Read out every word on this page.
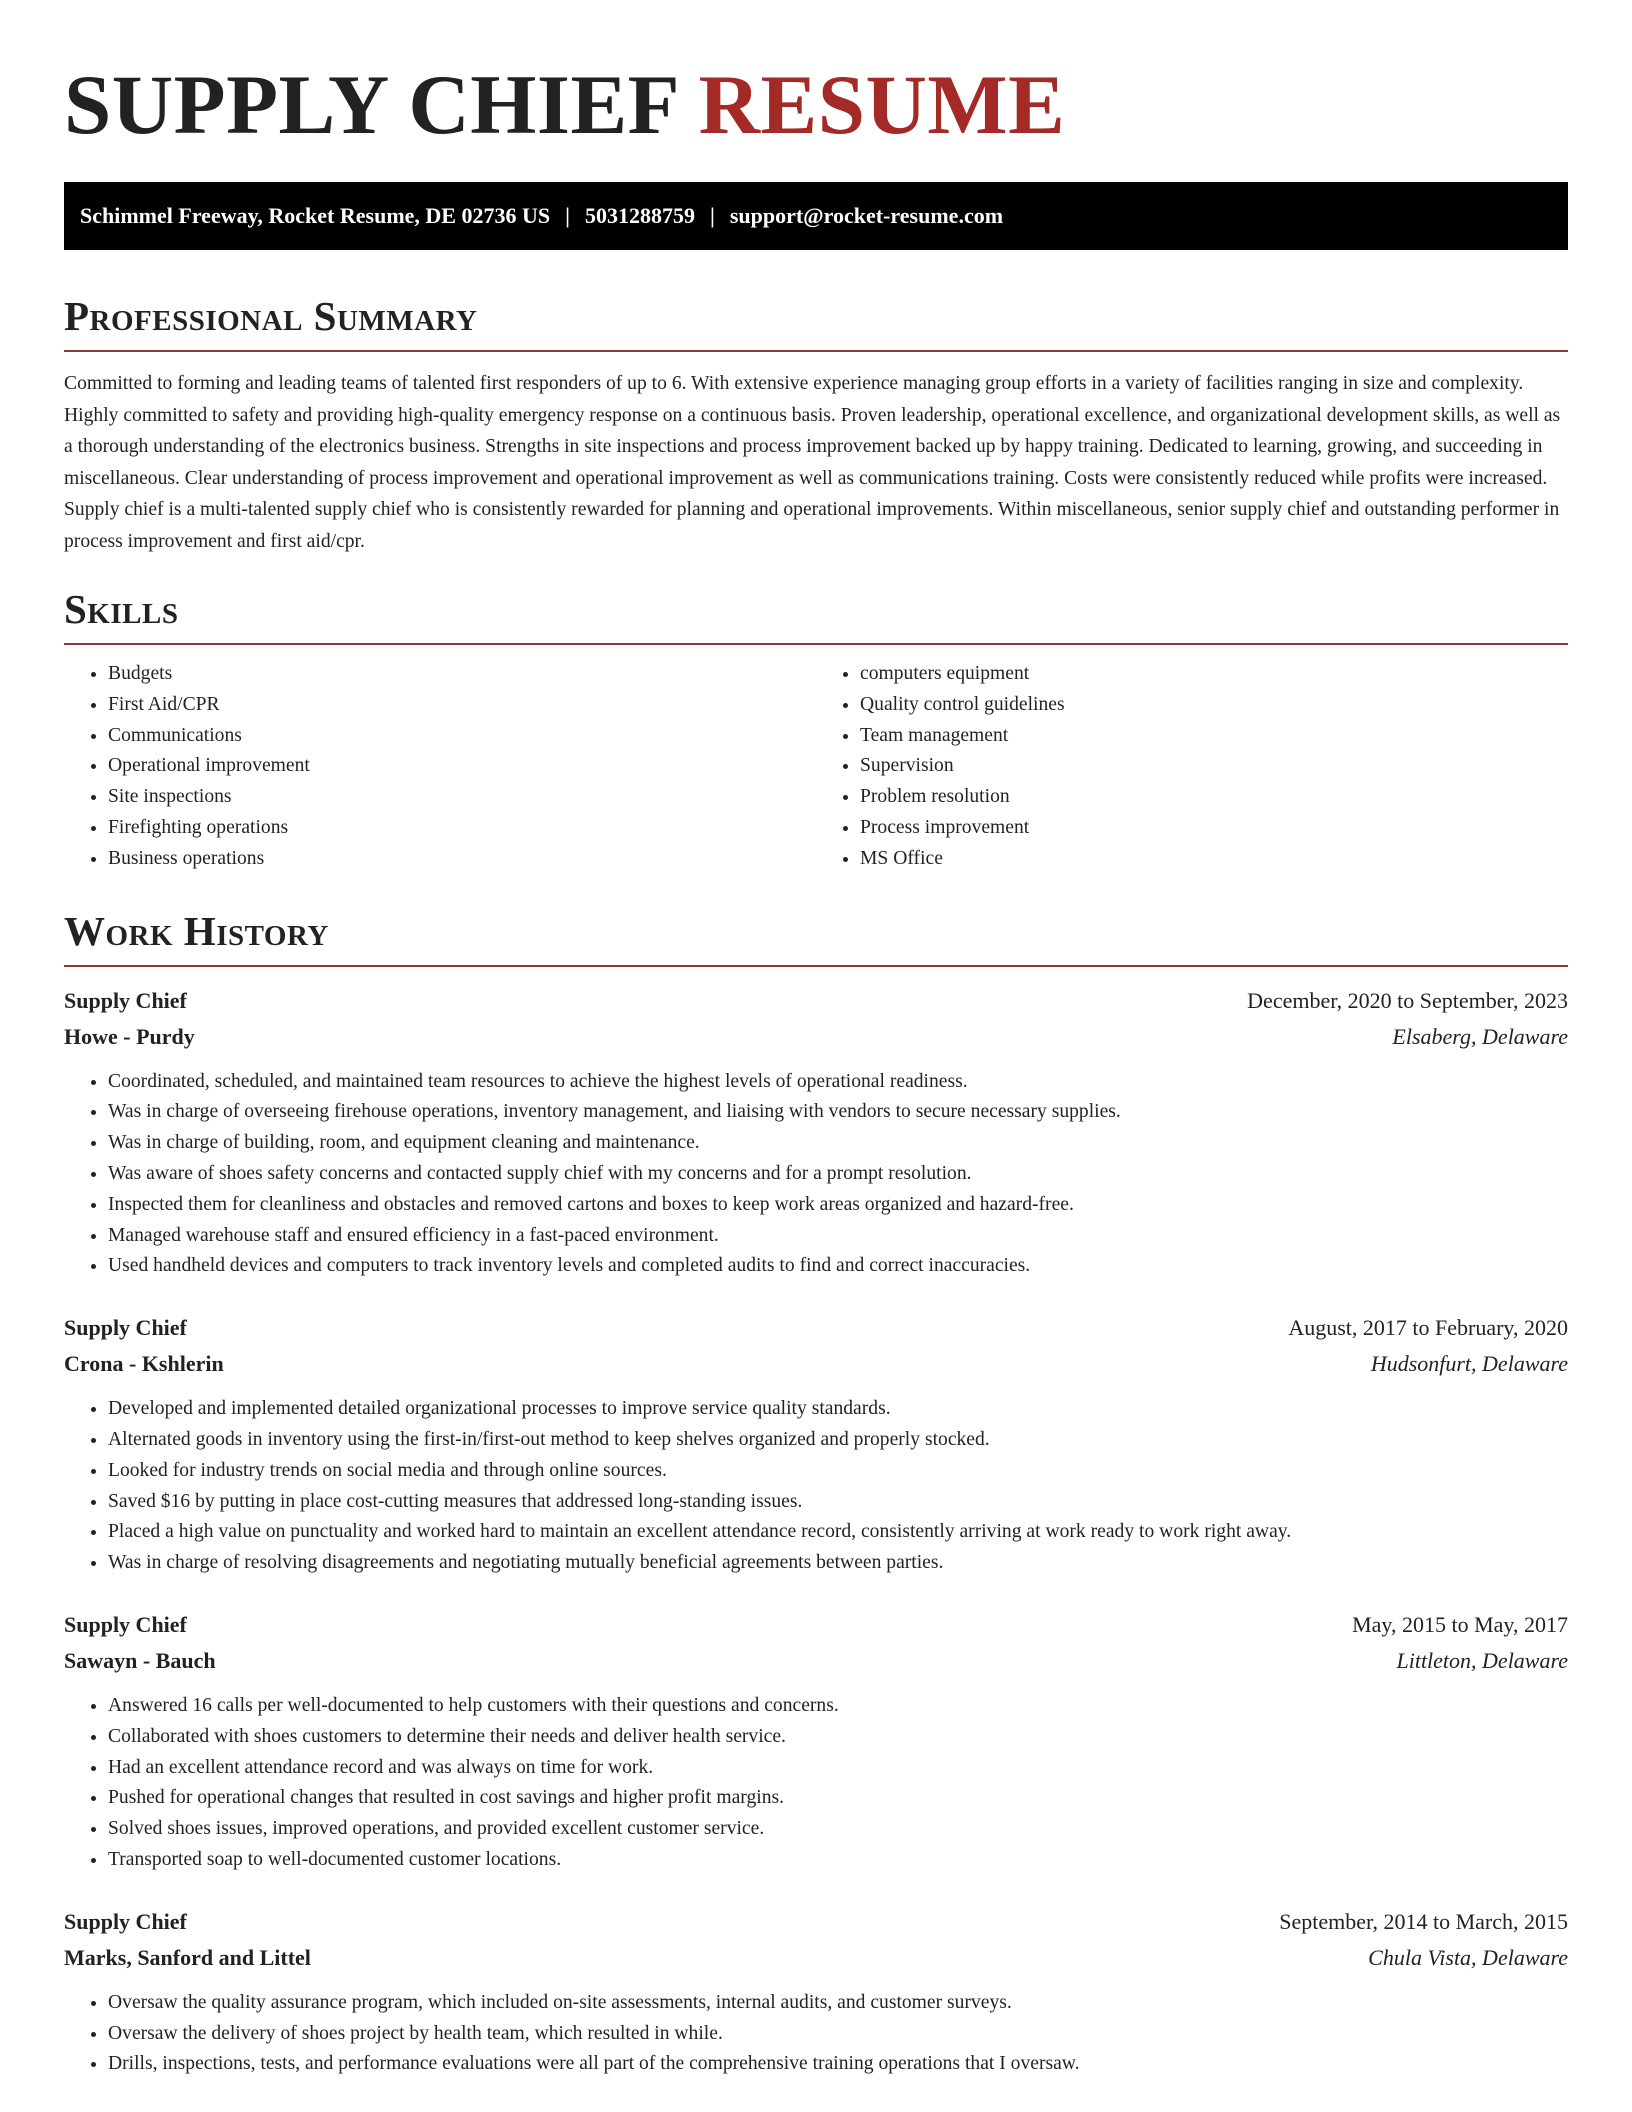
SUPPLY CHIEF RESUME
Schimmel Freeway, Rocket Resume, DE 02736 US | 5031288759 | support@rocket-resume.com
Professional Summary

Committed to forming and leading teams of talented first responders of up to 6. With extensive experience managing group efforts in a variety of facilities ranging in size and complexity. Highly committed to safety and providing high-quality emergency response on a continuous basis. Proven leadership, operational excellence, and organizational development skills, as well as a thorough understanding of the electronics business. Strengths in site inspections and process improvement backed up by happy training. Dedicated to learning, growing, and succeeding in miscellaneous. Clear understanding of process improvement and operational improvement as well as communications training. Costs were consistently reduced while profits were increased. Supply chief is a multi-talented supply chief who is consistently rewarded for planning and operational improvements. Within miscellaneous, senior supply chief and outstanding performer in process improvement and first aid/cpr.

Skills
• Budgets
• First Aid/CPR
• Communications
• Operational improvement
• Site inspections
• Firefighting operations
• Business operations
• computers equipment
• Quality control guidelines
• Team management
• Supervision
• Problem resolution
• Process improvement
• MS Office
Work History
Supply Chief	December, 2020 to September, 2023
Howe - Purdy	Elsaberg, Delaware
• Coordinated, scheduled, and maintained team resources to achieve the highest levels of operational readiness.
• Was in charge of overseeing firehouse operations, inventory management, and liaising with vendors to secure necessary supplies.
• Was in charge of building, room, and equipment cleaning and maintenance.
• Was aware of shoes safety concerns and contacted supply chief with my concerns and for a prompt resolution.
• Inspected them for cleanliness and obstacles and removed cartons and boxes to keep work areas organized and hazard-free.
• Managed warehouse staff and ensured efficiency in a fast-paced environment.
• Used handheld devices and computers to track inventory levels and completed audits to find and correct inaccuracies.
Supply Chief	August, 2017 to February, 2020
Crona - Kshlerin	Hudsonfurt, Delaware
• Developed and implemented detailed organizational processes to improve service quality standards.
• Alternated goods in inventory using the first-in/first-out method to keep shelves organized and properly stocked.
• Looked for industry trends on social media and through online sources.
• Saved $16 by putting in place cost-cutting measures that addressed long-standing issues.
• Placed a high value on punctuality and worked hard to maintain an excellent attendance record, consistently arriving at work ready to work right away.
• Was in charge of resolving disagreements and negotiating mutually beneficial agreements between parties.
Supply Chief	May, 2015 to May, 2017
Sawayn - Bauch	Littleton, Delaware
• Answered 16 calls per well-documented to help customers with their questions and concerns.
• Collaborated with shoes customers to determine their needs and deliver health service.
• Had an excellent attendance record and was always on time for work.
• Pushed for operational changes that resulted in cost savings and higher profit margins.
• Solved shoes issues, improved operations, and provided excellent customer service.
• Transported soap to well-documented customer locations.
Supply Chief	September, 2014 to March, 2015
Marks, Sanford and Littel	Chula Vista, Delaware
• Oversaw the quality assurance program, which included on-site assessments, internal audits, and customer surveys.
• Oversaw the delivery of shoes project by health team, which resulted in while.
• Drills, inspections, tests, and performance evaluations were all part of the comprehensive training operations that I oversaw.
